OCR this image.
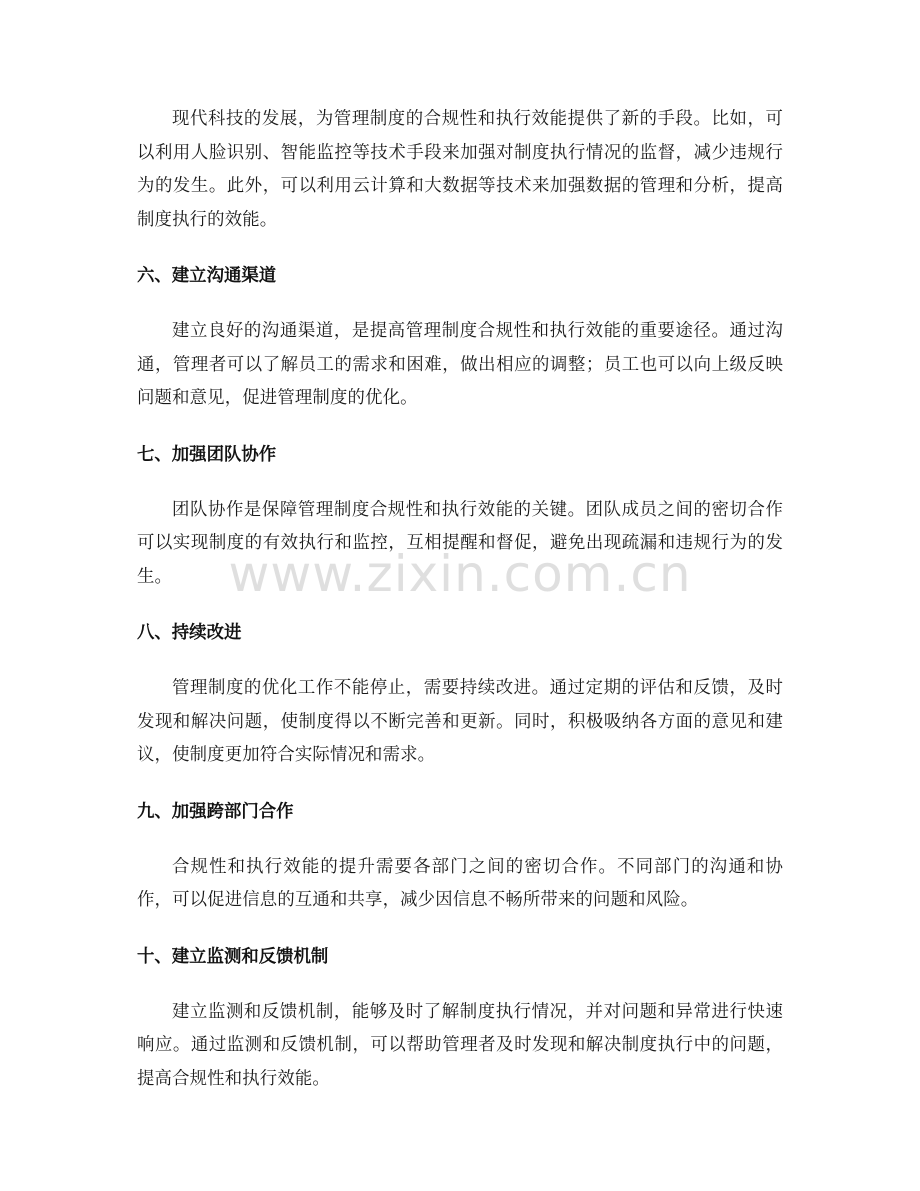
现代科技的发展，为管理制度的合规性和执行效能提供了新的手段。比如，可以利用人脸识别、智能监控等技术手段来加强对制度执行情况的监督，减少违规行为的发生。此外，可以利用云计算和大数据等技术来加强数据的管理和分析，提高制度执行的效能。

六、建立沟通渠道

建立良好的沟通渠道，是提高管理制度合规性和执行效能的重要途径。通过沟通，管理者可以了解员工的需求和困难，做出相应的调整；员工也可以向上级反映问题和意见，促进管理制度的优化。

七、加强团队协作

团队协作是保障管理制度合规性和执行效能的关键。团队成员之间的密切合作可以实现制度的有效执行和监控，互相提醒和督促，避免出现疏漏和违规行为的发生。

八、持续改进

管理制度的优化工作不能停止，需要持续改进。通过定期的评估和反馈，及时发现和解决问题，使制度得以不断完善和更新。同时，积极吸纳各方面的意见和建议，使制度更加符合实际情况和需求。

九、加强跨部门合作

合规性和执行效能的提升需要各部门之间的密切合作。不同部门的沟通和协作，可以促进信息的互通和共享，减少因信息不畅所带来的问题和风险。

十、建立监测和反馈机制

建立监测和反馈机制，能够及时了解制度执行情况，并对问题和异常进行快速响应。通过监测和反馈机制，可以帮助管理者及时发现和解决制度执行中的问题，提高合规性和执行效能。

www.zixin.com.cn
